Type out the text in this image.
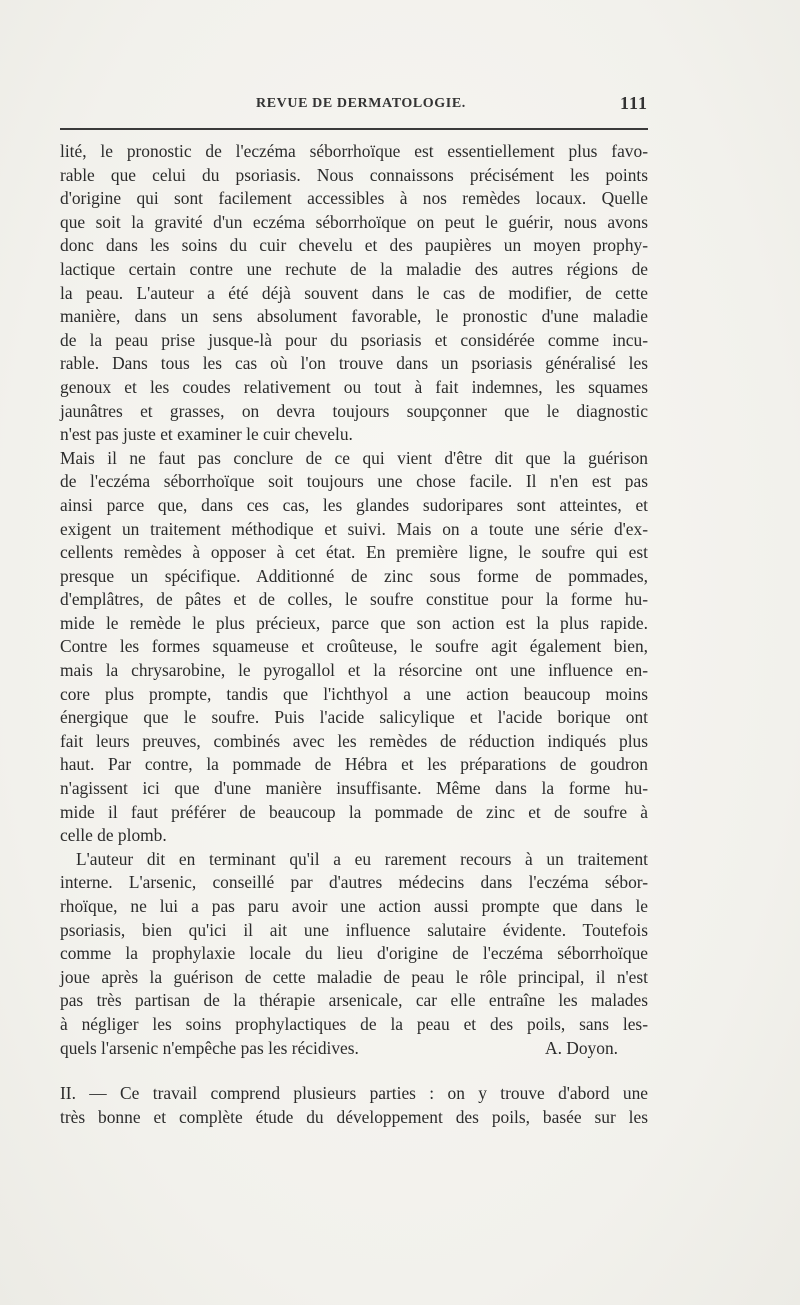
REVUE DE DERMATOLOGIE.	111
lité, le pronostic de l'eczéma séborrhoïque est essentiellement plus favo-
rable que celui du psoriasis. Nous connaissons précisément les points
d'origine qui sont facilement accessibles à nos remèdes locaux. Quelle
que soit la gravité d'un eczéma séborrhoïque on peut le guérir, nous avons
donc dans les soins du cuir chevelu et des paupières un moyen prophy-
lactique certain contre une rechute de la maladie des autres régions de
la peau. L'auteur a été déjà souvent dans le cas de modifier, de cette
manière, dans un sens absolument favorable, le pronostic d'une maladie
de la peau prise jusque-là pour du psoriasis et considérée comme incu-
rable. Dans tous les cas où l'on trouve dans un psoriasis généralisé les
genoux et les coudes relativement ou tout à fait indemnes, les squames
jaunâtres et grasses, on devra toujours soupçonner que le diagnostic
n'est pas juste et examiner le cuir chevelu.
Mais il ne faut pas conclure de ce qui vient d'être dit que la guérison
de l'eczéma séborrhoïque soit toujours une chose facile. Il n'en est pas
ainsi parce que, dans ces cas, les glandes sudoripares sont atteintes, et
exigent un traitement méthodique et suivi. Mais on a toute une série d'ex-
cellents remèdes à opposer à cet état. En première ligne, le soufre qui est
presque un spécifique. Additionné de zinc sous forme de pommades,
d'emplâtres, de pâtes et de colles, le soufre constitue pour la forme hu-
mide le remède le plus précieux, parce que son action est la plus rapide.
Contre les formes squameuse et croûteuse, le soufre agit également bien,
mais la chrysarobine, le pyrogallol et la résorcine ont une influence en-
core plus prompte, tandis que l'ichthyol a une action beaucoup moins
énergique que le soufre. Puis l'acide salicylique et l'acide borique ont
fait leurs preuves, combinés avec les remèdes de réduction indiqués plus
haut. Par contre, la pommade de Hébra et les préparations de goudron
n'agissent ici que d'une manière insuffisante. Même dans la forme hu-
mide il faut préférer de beaucoup la pommade de zinc et de soufre à
celle de plomb.
L'auteur dit en terminant qu'il a eu rarement recours à un traitement
interne. L'arsenic, conseillé par d'autres médecins dans l'eczéma sébor-
rhoïque, ne lui a pas paru avoir une action aussi prompte que dans le
psoriasis, bien qu'ici il ait une influence salutaire évidente. Toutefois
comme la prophylaxie locale du lieu d'origine de l'eczéma séborrhoïque
joue après la guérison de cette maladie de peau le rôle principal, il n'est
pas très partisan de la thérapie arsenicale, car elle entraîne les malades
à négliger les soins prophylactiques de la peau et des poils, sans les-
quels l'arsenic n'empêche pas les récidives.	A. Doyon.
II. — Ce travail comprend plusieurs parties : on y trouve d'abord une
très bonne et complète étude du développement des poils, basée sur les
